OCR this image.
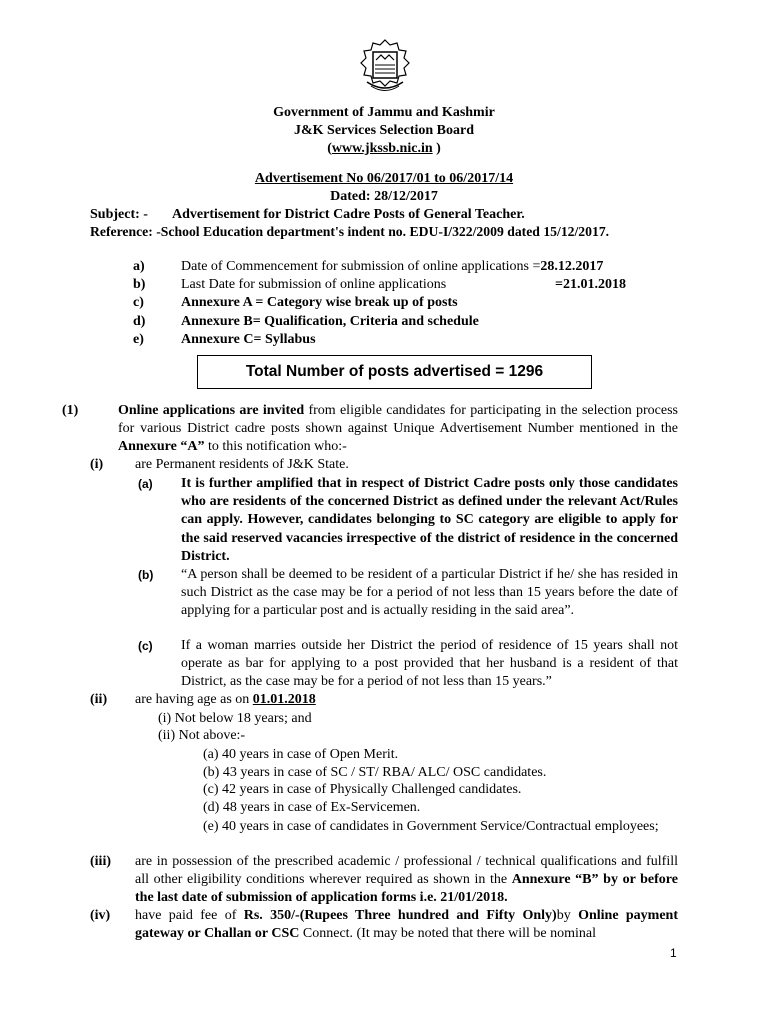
Government of Jammu and Kashmir
J&K Services Selection Board
(www.jkssb.nic.in )
Advertisement No 06/2017/01 to 06/2017/14
Dated: 28/12/2017
Subject: - Advertisement for District Cadre Posts of General Teacher.
Reference: -School Education department's indent no. EDU-I/322/2009 dated 15/12/2017.
a)	Date of Commencement for submission of online applications =28.12.2017
b)	Last Date for submission of online applications	=21.01.2018
c)	Annexure A = Category wise break up of posts
d)	Annexure B= Qualification, Criteria and schedule
e)	Annexure C= Syllabus
Total Number of posts advertised = 1296
(1)	Online applications are invited from eligible candidates for participating in the selection process for various District cadre posts shown against Unique Advertisement Number mentioned in the Annexure “A” to this notification who:-
(i) are Permanent residents of J&K State.
(a) It is further amplified that in respect of District Cadre posts only those candidates who are residents of the concerned District as defined under the relevant Act/Rules can apply. However, candidates belonging to SC category are eligible to apply for the said reserved vacancies irrespective of the district of residence in the concerned District.
(b) “A person shall be deemed to be resident of a particular District if he/ she has resided in such District as the case may be for a period of not less than 15 years before the date of applying for a particular post and is actually residing in the said area”.
(c) If a woman marries outside her District the period of residence of 15 years shall not operate as bar for applying to a post provided that her husband is a resident of that District, as the case may be for a period of not less than 15 years.”
(ii) are having age as on 01.01.2018
(i) Not below 18 years; and
(ii) Not above:-
(a) 40 years in case of Open Merit.
(b) 43 years in case of SC / ST/ RBA/ ALC/ OSC candidates.
(c) 42 years in case of Physically Challenged candidates.
(d) 48 years in case of Ex-Servicemen.
(e) 40 years in case of candidates in Government Service/Contractual employees;
(iii) are in possession of the prescribed academic / professional / technical qualifications and fulfill all other eligibility conditions wherever required as shown in the Annexure “B” by or before the last date of submission of application forms i.e. 21/01/2018.
(iv) have paid fee of Rs. 350/-(Rupees Three hundred and Fifty Only)by Online payment gateway or Challan or CSC Connect. (It may be noted that there will be nominal
1
